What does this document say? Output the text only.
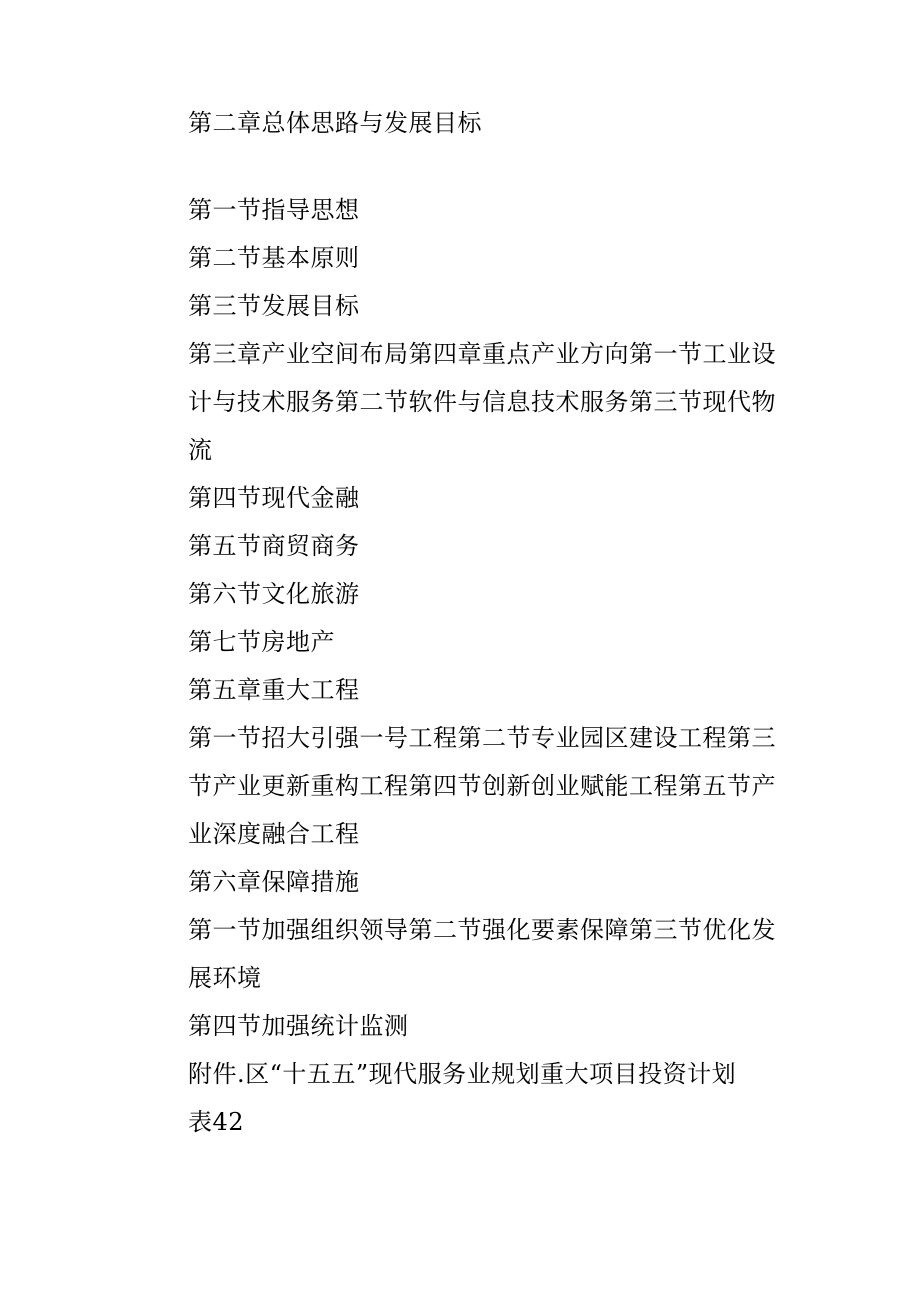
第二章总体思路与发展目标
第一节指导思想
第二节基本原则
第三节发展目标
第三章产业空间布局第四章重点产业方向第一节工业设
计与技术服务第二节软件与信息技术服务第三节现代物
流
第四节现代金融
第五节商贸商务
第六节文化旅游
第七节房地产
第五章重大工程
第一节招大引强一号工程第二节专业园区建设工程第三
节产业更新重构工程第四节创新创业赋能工程第五节产
业深度融合工程
第六章保障措施
第一节加强组织领导第二节强化要素保障第三节优化发
展环境
第四节加强统计监测
附件.区“十五五”现代服务业规划重大项目投资计划
表42
